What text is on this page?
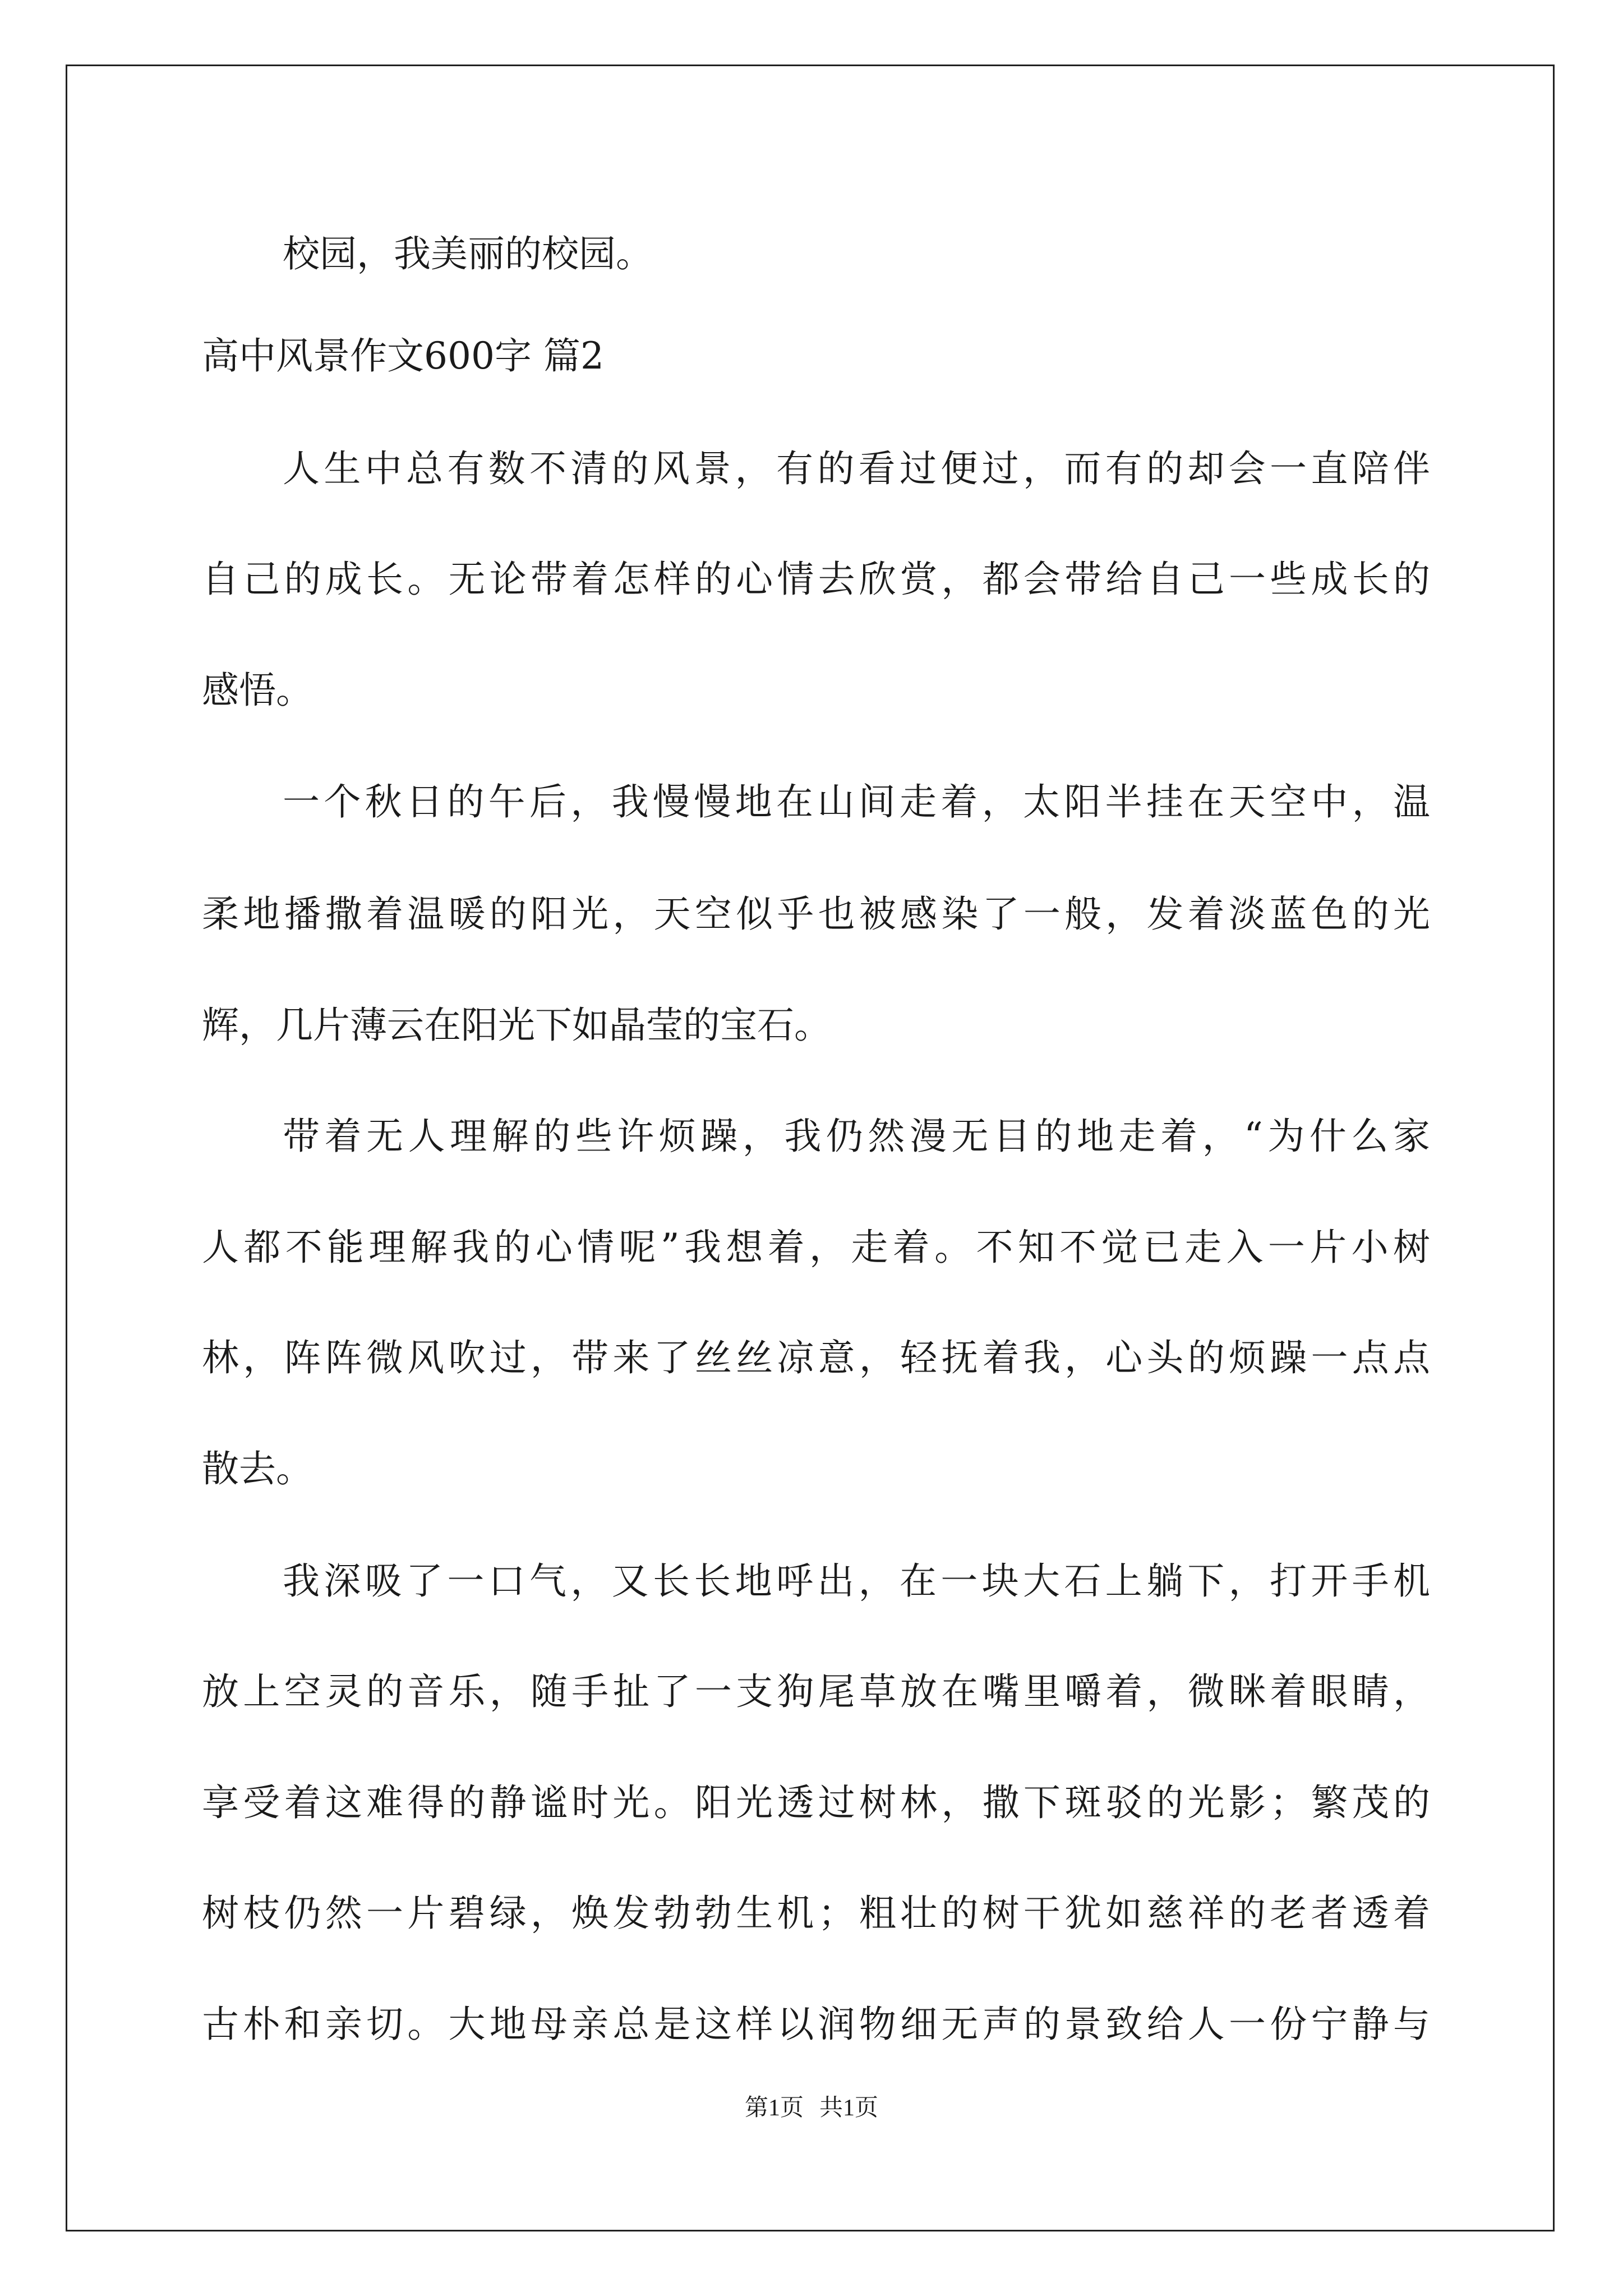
校园，我美丽的校园。
高中风景作文600字 篇2
人生中总有数不清的风景，有的看过便过，而有的却会一直陪伴
自己的成长。无论带着怎样的心情去欣赏，都会带给自己一些成长的
感悟。
一个秋日的午后，我慢慢地在山间走着，太阳半挂在天空中，温
柔地播撒着温暖的阳光，天空似乎也被感染了一般，发着淡蓝色的光
辉，几片薄云在阳光下如晶莹的宝石。
带着无人理解的些许烦躁，我仍然漫无目的地走着，“为什么家
人都不能理解我的心情呢”我想着，走着。不知不觉已走入一片小树
林，阵阵微风吹过，带来了丝丝凉意，轻抚着我，心头的烦躁一点点
散去。
我深吸了一口气，又长长地呼出，在一块大石上躺下，打开手机
放上空灵的音乐，随手扯了一支狗尾草放在嘴里嚼着，微眯着眼睛，
享受着这难得的静谧时光。阳光透过树林，撒下斑驳的光影；繁茂的
树枝仍然一片碧绿，焕发勃勃生机；粗壮的树干犹如慈祥的老者透着
古朴和亲切。大地母亲总是这样以润物细无声的景致给人一份宁静与
第1页 共1页
